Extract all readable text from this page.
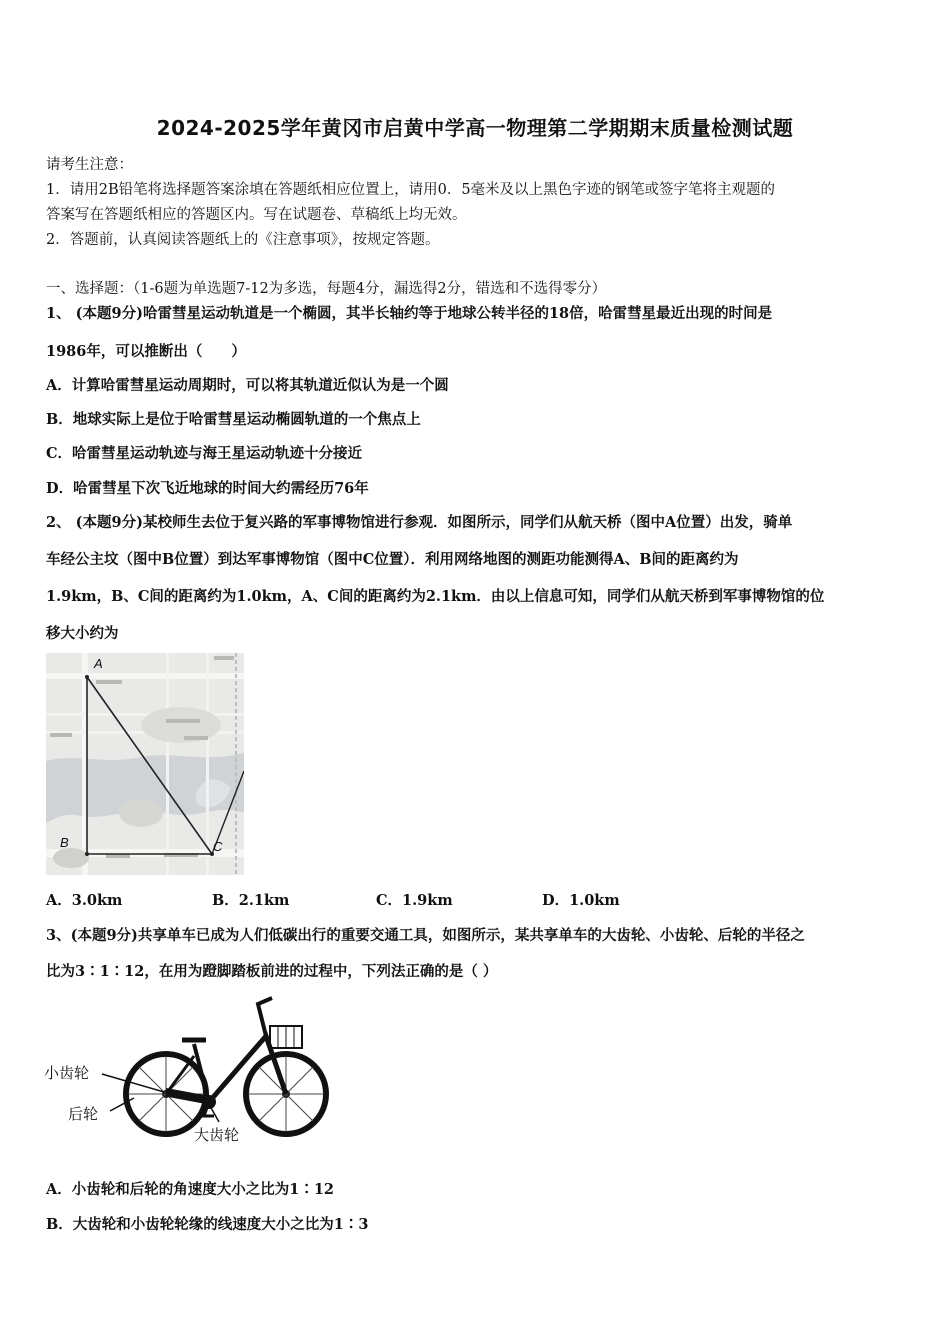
2024-2025学年黄冈市启黄中学高一物理第二学期期末质量检测试题
请考生注意：
1．请用2B铅笔将选择题答案涂填在答题纸相应位置上，请用0．5毫米及以上黑色字迹的钢笔或签字笔将主观题的
答案写在答题纸相应的答题区内。写在试题卷、草稿纸上均无效。
2．答题前，认真阅读答题纸上的《注意事项》，按规定答题。
一、选择题：（1-6题为单选题7-12为多选，每题4分，漏选得2分，错选和不选得零分）
1、 (本题9分)哈雷彗星运动轨道是一个椭圆，其半长轴约等于地球公转半径的18倍，哈雷彗星最近出现的时间是
1986年，可以推断出（　　）
A．计算哈雷彗星运动周期时，可以将其轨道近似认为是一个圆
B．地球实际上是位于哈雷彗星运动椭圆轨道的一个焦点上
C．哈雷彗星运动轨迹与海王星运动轨迹十分接近
D．哈雷彗星下次飞近地球的时间大约需经历76年
2、 (本题9分)某校师生去位于复兴路的军事博物馆进行参观．如图所示，同学们从航天桥（图中A位置）出发，骑单
车经公主坟（图中B位置）到达军事博物馆（图中C位置）．利用网络地图的测距功能测得A、B间的距离约为
1.9km，B、C间的距离约为1.0km，A、C间的距离约为2.1km．由以上信息可知，同学们从航天桥到军事博物馆的位
移大小约为
A
B	C
A．3.0km	B．2.1km	C．1.9km	D．1.0km
3、(本题9分)共享单车已成为人们低碳出行的重要交通工具，如图所示，某共享单车的大齿轮、小齿轮、后轮的半径之
比为3∶1∶12，在用为蹬脚踏板前进的过程中，下列法正确的是（ ）
小齿轮
后轮
大齿轮
A．小齿轮和后轮的角速度大小之比为1∶12
B．大齿轮和小齿轮轮缘的线速度大小之比为1∶3
